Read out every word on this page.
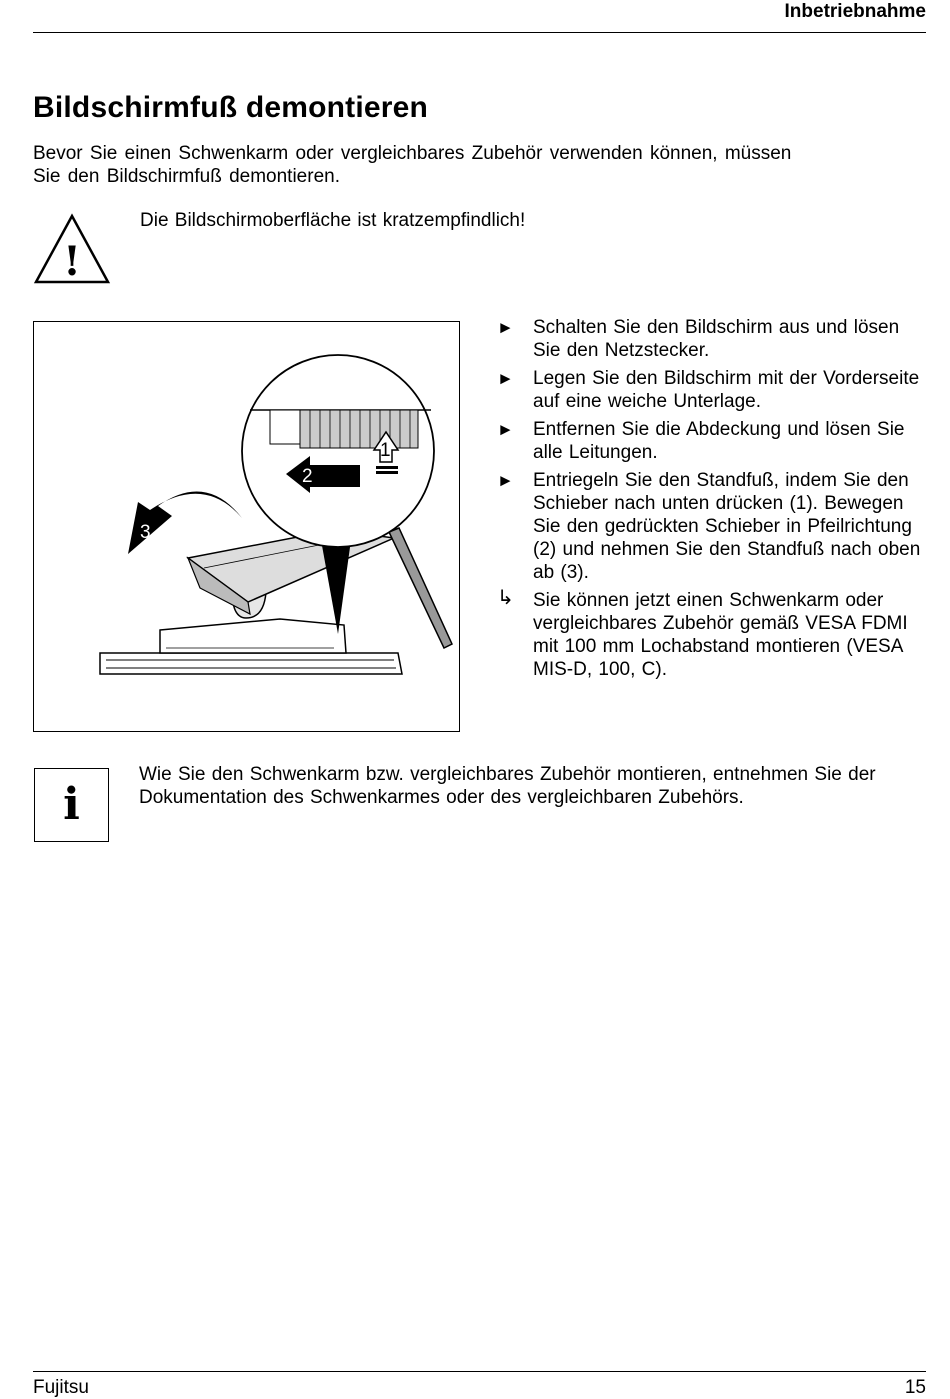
Inbetriebnahme
Bildschirmfuß demontieren

Bevor Sie einen Schwenkarm oder vergleichbares Zubehör verwenden können, müssen Sie den Bildschirmfuß demontieren.

!

Die Bildschirmoberfläche ist kratzempfindlich!

1
2
3
►	Schalten Sie den Bildschirm aus und lösen Sie den Netzstecker.
►	Legen Sie den Bildschirm mit der Vorderseite auf eine weiche Unterlage.
►	Entfernen Sie die Abdeckung und lösen Sie alle Leitungen.
►	Entriegeln Sie den Standfuß, indem Sie den Schieber nach unten drücken (1). Bewegen Sie den gedrückten Schieber in Pfeilrichtung (2) und nehmen Sie den Standfuß nach oben ab (3).
↳	Sie können jetzt einen Schwenkarm oder vergleichbares Zubehör gemäß VESA FDMI mit 100 mm Lochabstand montieren (VESA MIS-D, 100, C).
i

Wie Sie den Schwenkarm bzw. vergleichbares Zubehör montieren, entnehmen Sie der Dokumentation des Schwenkarmes oder des vergleichbaren Zubehörs.

Fujitsu	15
